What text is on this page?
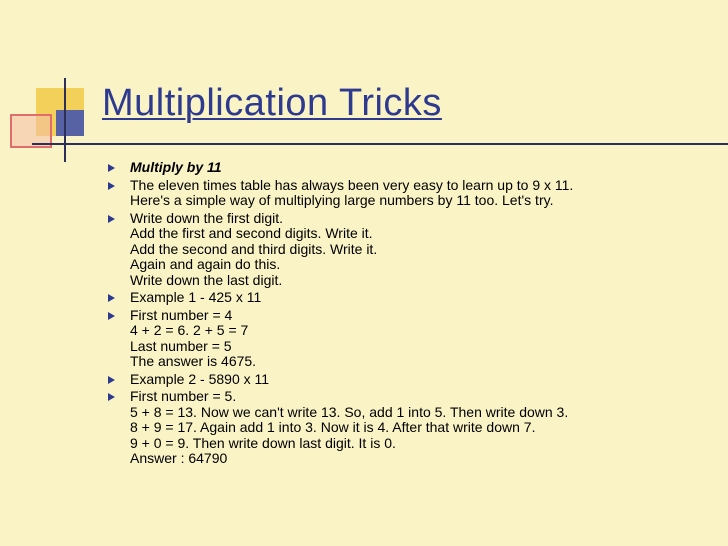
Multiplication Tricks
Multiply by 11
The eleven times table has always been very easy to learn up to 9 x 11.
Here's a simple way of multiplying large numbers by 11 too. Let's try.
Write down the first digit.
Add the first and second digits. Write it.
Add the second and third digits. Write it.
Again and again do this.
Write down the last digit.
Example 1 - 425 x 11
First number = 4
4 + 2 = 6. 2 + 5 = 7
Last number = 5
The answer is 4675.
Example 2 - 5890 x 11
First number = 5.
5 + 8 = 13. Now we can't write 13. So, add 1 into 5. Then write down 3.
8 + 9 = 17. Again add 1 into 3. Now it is 4. After that write down 7.
9 + 0 = 9. Then write down last digit. It is 0.
Answer : 64790
